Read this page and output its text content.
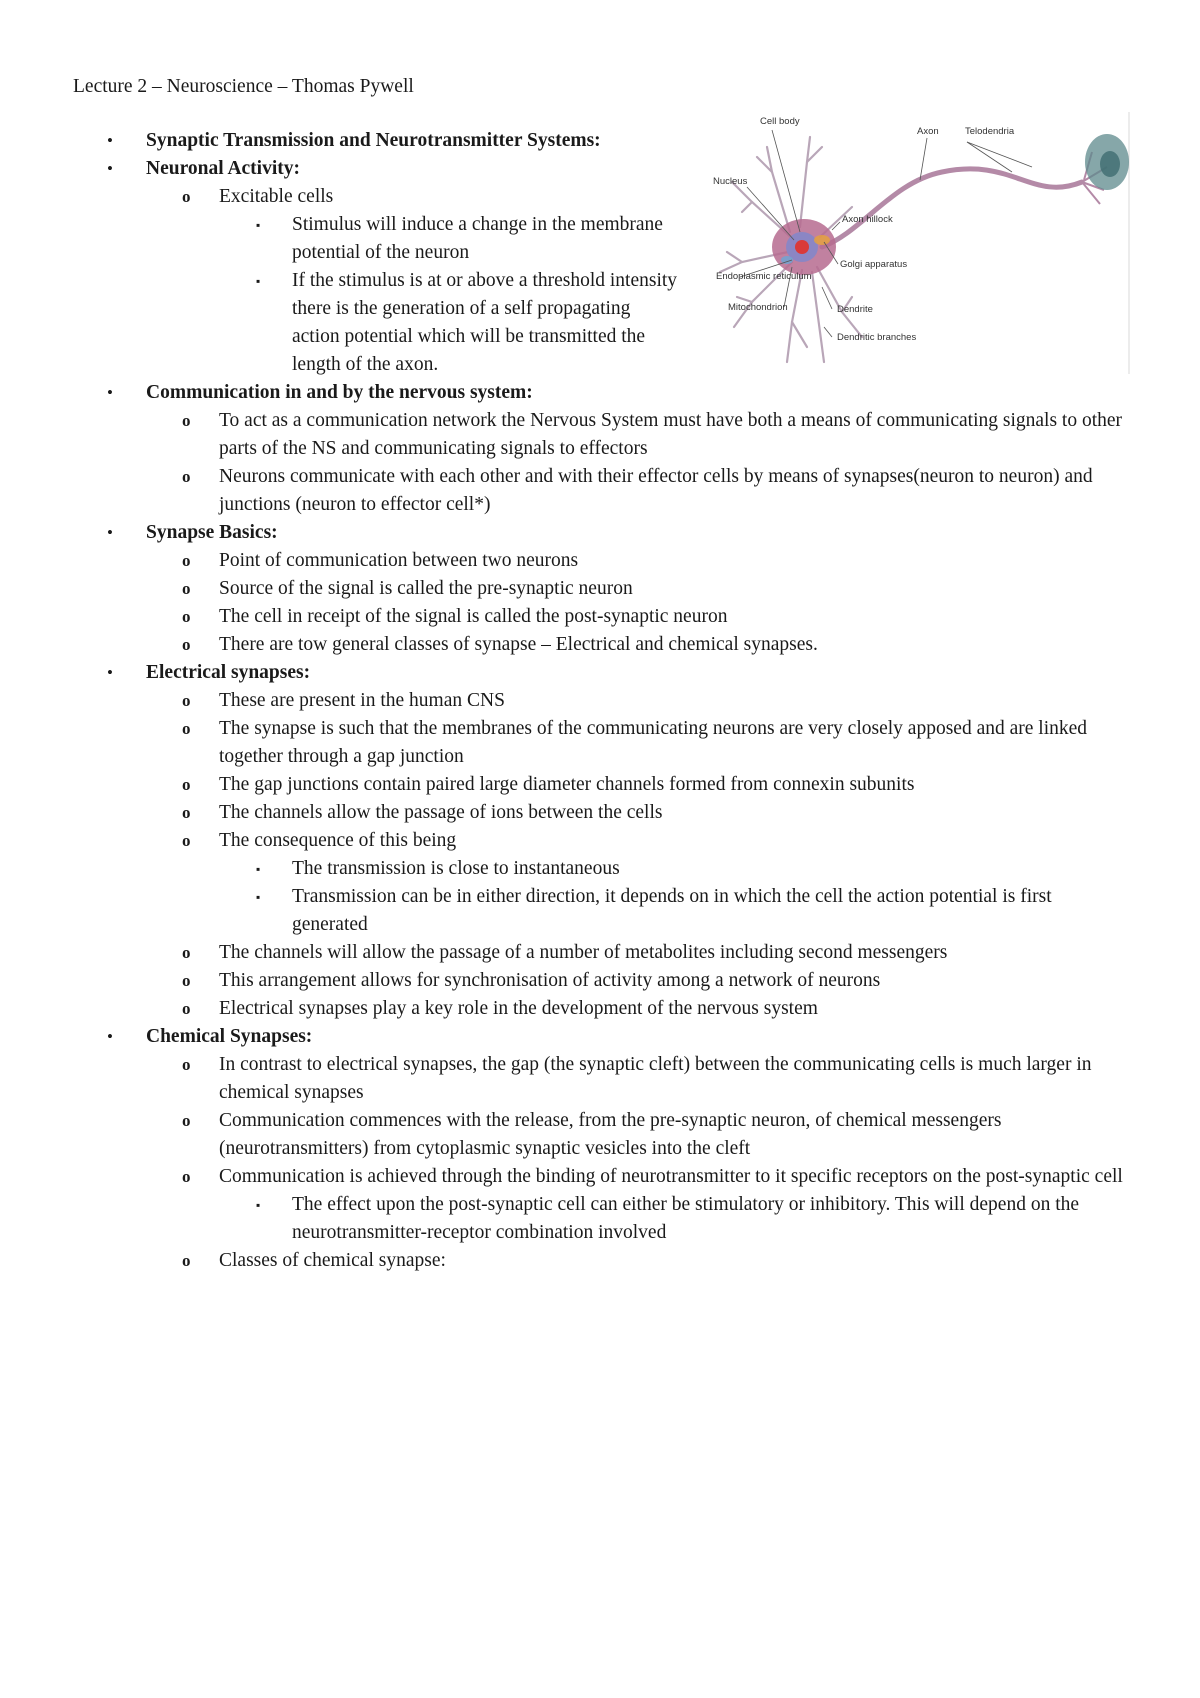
Lecture 2 – Neuroscience – Thomas Pywell
Cell body
Axon	Telodendria
Nucleus
Axon hillock
Golgi apparatus
Endoplasmic reticulum
Mitochondrion	Dendrite
Dendritic branches
• Synaptic Transmission and Neurotransmitter Systems:
• Neuronal Activity:
o Excitable cells
▪ Stimulus will induce a change in the membrane potential of the neuron
▪ If the stimulus is at or above a threshold intensity there is the generation of a self propagating action potential which will be transmitted the length of the axon.
• Communication in and by the nervous system:
o To act as a communication network the Nervous System must have both a means of communicating signals to other parts of the NS and communicating signals to effectors
o Neurons communicate with each other and with their effector cells by means of synapses(neuron to neuron) and junctions (neuron to effector cell*)
• Synapse Basics:
o Point of communication between two neurons
o Source of the signal is called the pre-synaptic neuron
o The cell in receipt of the signal is called the post-synaptic neuron
o There are tow general classes of synapse – Electrical and chemical synapses.
• Electrical synapses:
o These are present in the human CNS
o The synapse is such that the membranes of the communicating neurons are very closely apposed and are linked together through a gap junction
o The gap junctions contain paired large diameter channels formed from connexin subunits
o The channels allow the passage of ions between the cells
o The consequence of this being
▪ The transmission is close to instantaneous
▪ Transmission can be in either direction, it depends on in which the cell the action potential is first generated
o The channels will allow the passage of a number of metabolites including second messengers
o This arrangement allows for synchronisation of activity among a network of neurons
o Electrical synapses play a key role in the development of the nervous system
• Chemical Synapses:
o In contrast to electrical synapses, the gap (the synaptic cleft) between the communicating cells is much larger in chemical synapses
o Communication commences with the release, from the pre-synaptic neuron, of chemical messengers (neurotransmitters) from cytoplasmic synaptic vesicles into the cleft
o Communication is achieved through the binding of neurotransmitter to it specific receptors on the post-synaptic cell
▪ The effect upon the post-synaptic cell can either be stimulatory or inhibitory. This will depend on the neurotransmitter-receptor combination involved
o Classes of chemical synapse:
